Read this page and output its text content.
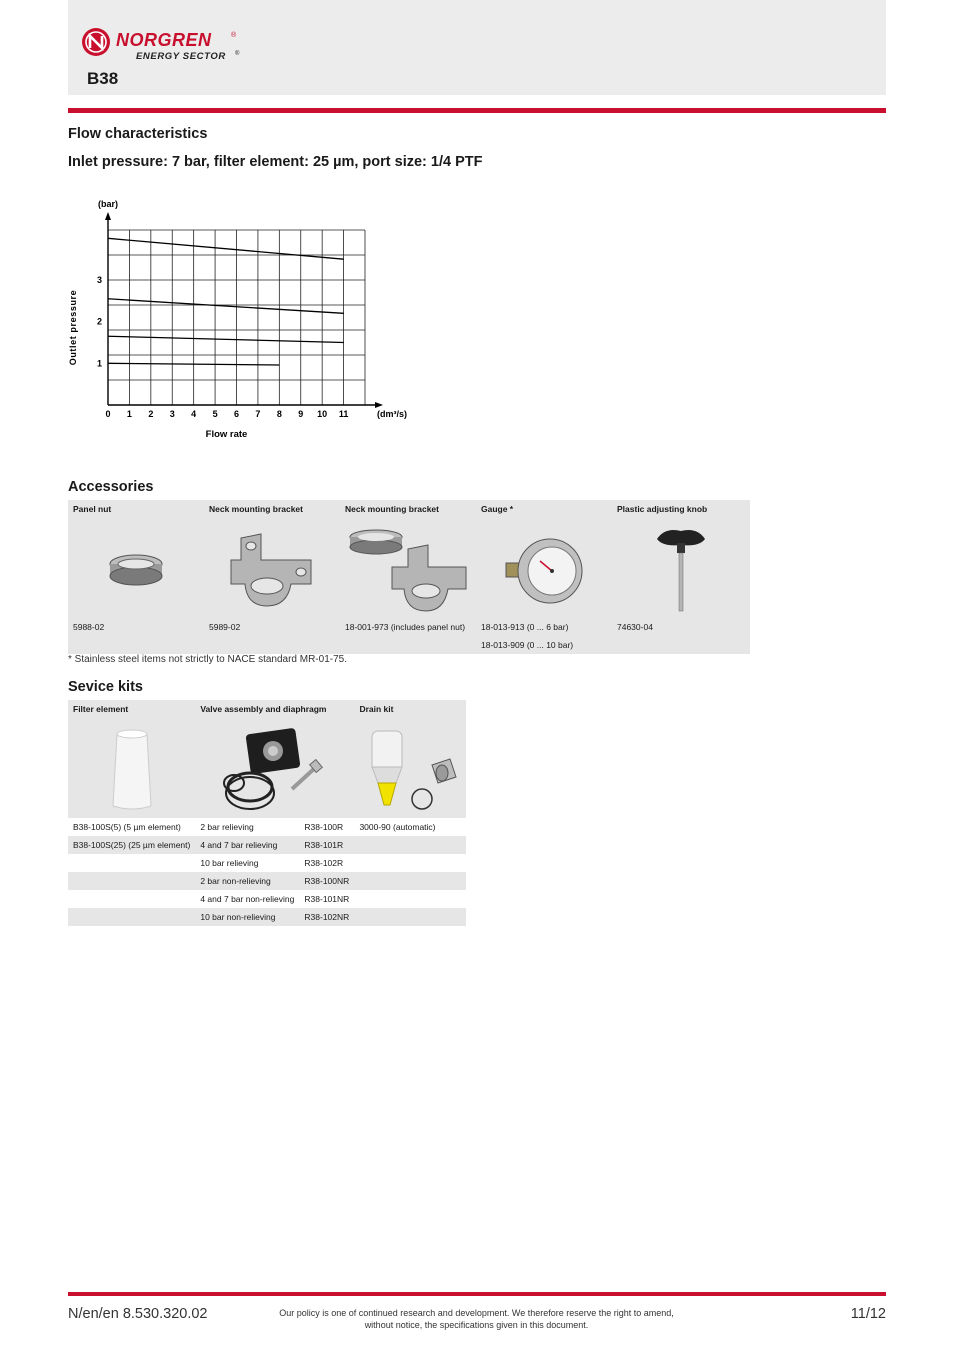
NORGREN	®
ENERGY SECTOR ®
B38
Flow characteristics
Inlet pressure: 7 bar, filter element: 25 µm, port size: 1/4 PTF
0 1 2 3 4 5 6 7 8 9 10 11
1
2
3
(bar)
(dm³/s)
Flow rate
Outlet pressure
Accessories
Panel nut	Neck mounting bracket	Neck mounting bracket	Gauge *	Plastic adjusting knob

5988-02	5989-02	18-001-973 (includes panel nut)	18-013-913 (0 ... 6 bar)	74630-04
			18-013-909 (0 ... 10 bar)	
* Stainless steel items not strictly to NACE standard MR-01-75.
Sevice kits
Filter element	Valve assembly and diaphragm		Drain kit

B38-100S(5) (5 µm element)	2 bar relieving	R38-100R	3000-90 (automatic)
B38-100S(25) (25 µm element)	4 and 7 bar relieving	R38-101R	
	10 bar relieving	R38-102R	
	2 bar non-relieving	R38-100NR	
	4 and 7 bar non-relieving	R38-101NR	
	10 bar non-relieving	R38-102NR	
N/en/en 8.530.320.02	Our policy is one of continued research and development. We therefore reserve the right to amend,
without notice, the specifications given in this document.
11/12
